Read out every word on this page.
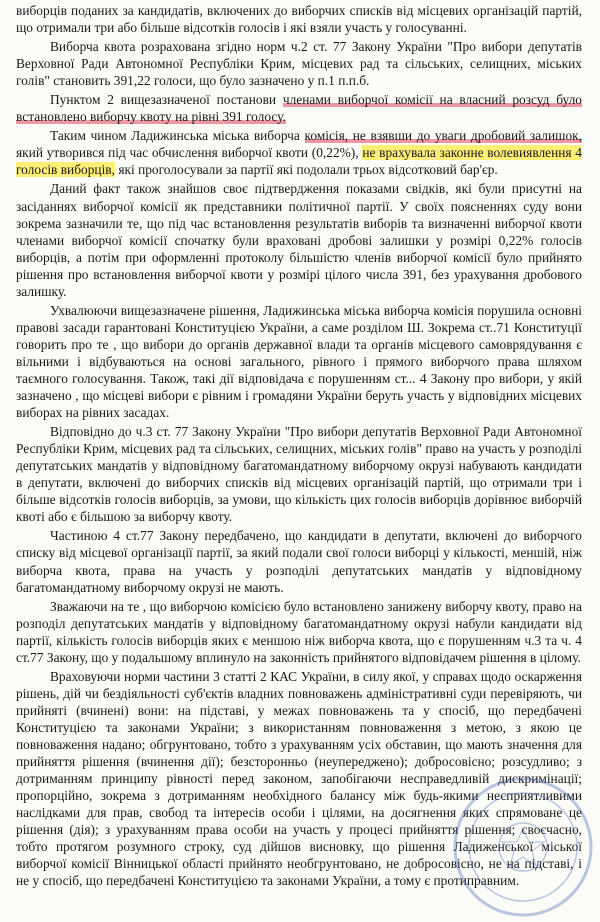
виборців поданих за кандидатів, включених до виборчих списків від місцевих організацій партій, що отримали три або більше відсотків голосів і які взяли участь у голосуванні.

Виборча квота розрахована згідно норм ч.2 ст. 77 Закону України "Про вибори депутатів Верховної Ради Автономної Республіки Крим, місцевих рад та сільських, селищних, міських голів" становить 391,22 голоси, що було зазначено у п.1 п.п.б.

Пунктом 2 вищезазначеної постанови членами виборчої комісії на власний розсуд було встановлено виборчу квоту на рівні 391 голосу.

Таким чином Ладижинська міська виборча комісія, не взявши до уваги дробовий залишок, який утворився під час обчислення виборчої квоти (0,22%), не врахувала законне волевиявлення 4 голосів виборців, які проголосували за партії які подолали трьох відсотковий бар'єр.

Даний факт також знайшов своє підтвердження показами свідків, які були присутні на засіданнях виборчої комісії як представники політичної партії. У своїх поясненнях суду вони зокрема зазначили те, що під час встановлення результатів виборів та визначенні виборчої квоти членами виборчої комісії спочатку були враховані дробові залишки у розмірі 0,22% голосів виборців, а потім при оформленні протоколу більшістю членів виборчої комісії було прийнято рішення про встановлення виборчої квоти у розмірі цілого числа 391, без урахування дробового залишку.

Ухвалюючи вищезазначене рішення, Ладижинська міська виборча комісія порушила основні правові засади гарантовані Конституцією України, а саме розділом Ш. Зокрема ст..71 Конституції говорить про те , що вибори до органів державної влади та органів місцевого самоврядування є вільними і відбуваються на основі загального, рівного і прямого виборчого права шляхом таємного голосування. Також, такі дії відповідача є порушенням ст... 4 Закону про вибори, у якій зазначено , що місцеві вибори є рівним і громадяни України беруть участь у відповідних місцевих виборах на рівних засадах.

Відповідно до ч.3 ст. 77 Закону України "Про вибори депутатів Верховної Ради Автономної Республіки Крим, місцевих рад та сільських, селищних, міських голів" право на участь у розподілі депутатських мандатів у відповідному багатомандатному виборчому окрузі набувають кандидати в депутати, включені до виборчих списків від місцевих організацій партій, що отримали три і більше відсотків голосів виборців, за умови, що кількість цих голосів виборців дорівнює виборчій квоті або є більшою за виборчу квоту.

Частиною 4 ст.77 Закону передбачено, що кандидати в депутати, включені до виборчого списку від місцевої організації партії, за який подали свої голоси виборці у кількості, меншій, ніж виборча квота, права на участь у розподілі депутатських мандатів у відповідному багатомандатному виборчому окрузі не мають.

Зважаючи на те , що виборчою комісією було встановлено занижену виборчу квоту, право на розподіл депутатських мандатів у відповідному багатомандатному окрузі набули кандидати від партії, кількість голосів виборців яких є меншою ніж виборча квота, що є порушенням ч.3 та ч. 4 ст.77 Закону, що у подальшому вплинуло на законність прийнятого відповідачем рішення в цілому.

Враховуючи норми частини 3 статті 2 КАС України, в силу якої, у справах щодо оскарження рішень, дій чи бездіяльності суб'єктів владних повноважень адміністративні суди перевіряють, чи прийняті (вчинені) вони: на підставі, у межах повноважень та у спосіб, що передбачені Конституцією та законами України; з використанням повноваження з метою, з якою це повноваження надано; обгрунтовано, тобто з урахуванням усіх обставин, що мають значення для прийняття рішення (вчинення дії); безсторонньо (неупереджено); добросовісно; розсудливо; з дотриманням принципу рівності перед законом, запобігаючи несправедливій дискримінації; пропорційно, зокрема з дотриманням необхідного балансу між будь-якими несприятливими наслідками для прав, свобод та інтересів особи і цілями, на досягнення яких спрямоване це рішення (дія); з урахуванням права особи на участь у процесі прийняття рішення; своєчасно, тобто протягом розумного строку, суд дійшов висновку, що рішення Ладиженської міської виборчої комісії Вінницької області прийнято необгрунтовано, не добросовісно, не на підставі, і не у спосіб, що передбачені Конституцією та законами України, а тому є протиправним.
